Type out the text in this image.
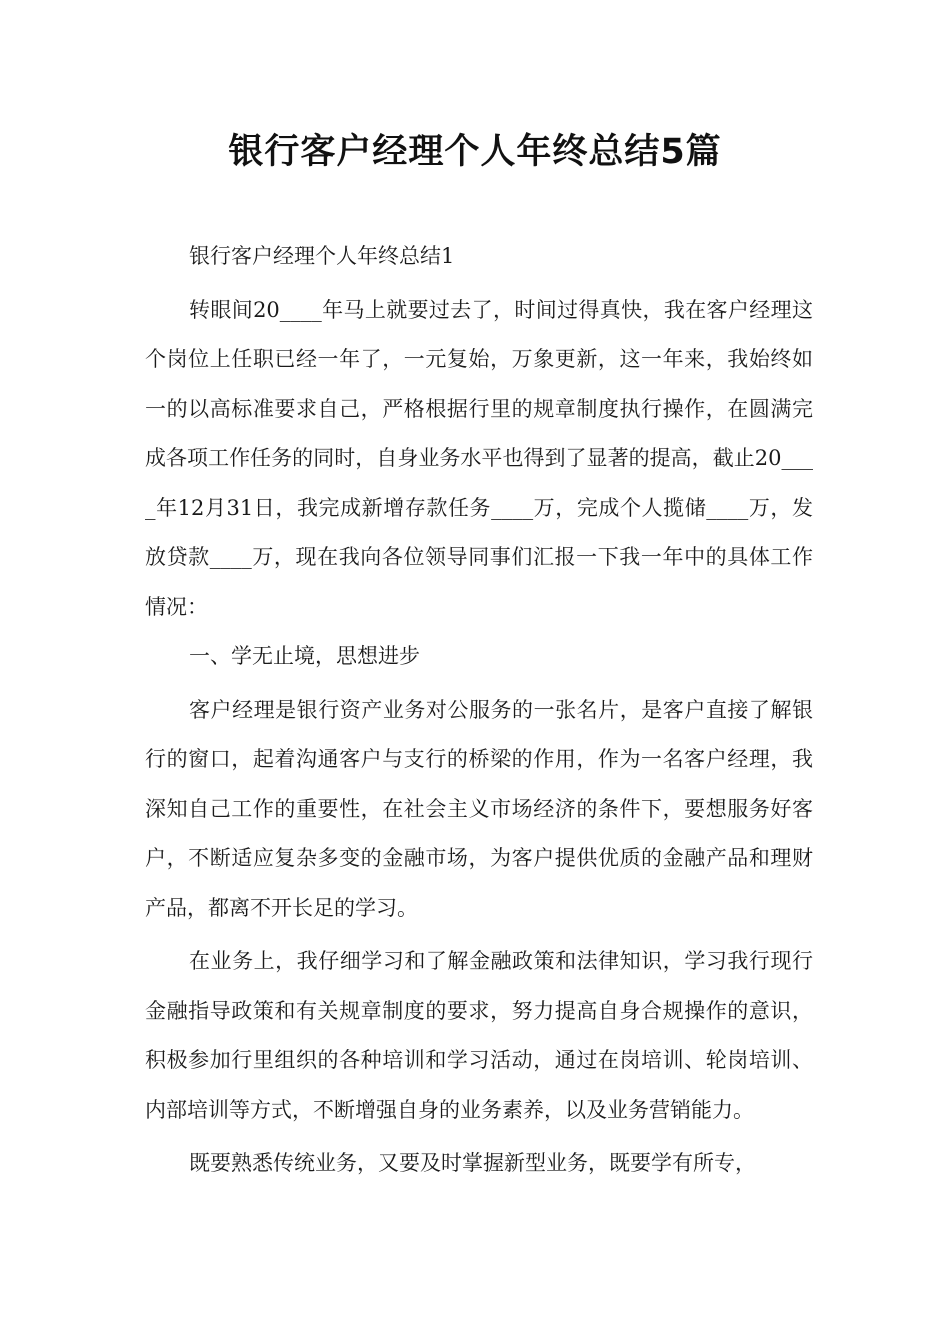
银行客户经理个人年终总结5篇

银行客户经理个人年终总结1

转眼间20____年马上就要过去了，时间过得真快，我在客户经理这个岗位上任职已经一年了，一元复始，万象更新，这一年来，我始终如一的以高标准要求自己，严格根据行里的规章制度执行操作，在圆满完成各项工作任务的同时，自身业务水平也得到了显著的提高，截止20____年12月31日，我完成新增存款任务____万，完成个人揽储____万，发放贷款____万，现在我向各位领导同事们汇报一下我一年中的具体工作情况：

一、学无止境，思想进步

客户经理是银行资产业务对公服务的一张名片，是客户直接了解银行的窗口，起着沟通客户与支行的桥梁的作用，作为一名客户经理，我深知自己工作的重要性，在社会主义市场经济的条件下，要想服务好客户，不断适应复杂多变的金融市场，为客户提供优质的金融产品和理财产品，都离不开长足的学习。

在业务上，我仔细学习和了解金融政策和法律知识，学习我行现行金融指导政策和有关规章制度的要求，努力提高自身合规操作的意识，积极参加行里组织的各种培训和学习活动，通过在岗培训、轮岗培训、内部培训等方式，不断增强自身的业务素养，以及业务营销能力。

既要熟悉传统业务，又要及时掌握新型业务，既要学有所专，
